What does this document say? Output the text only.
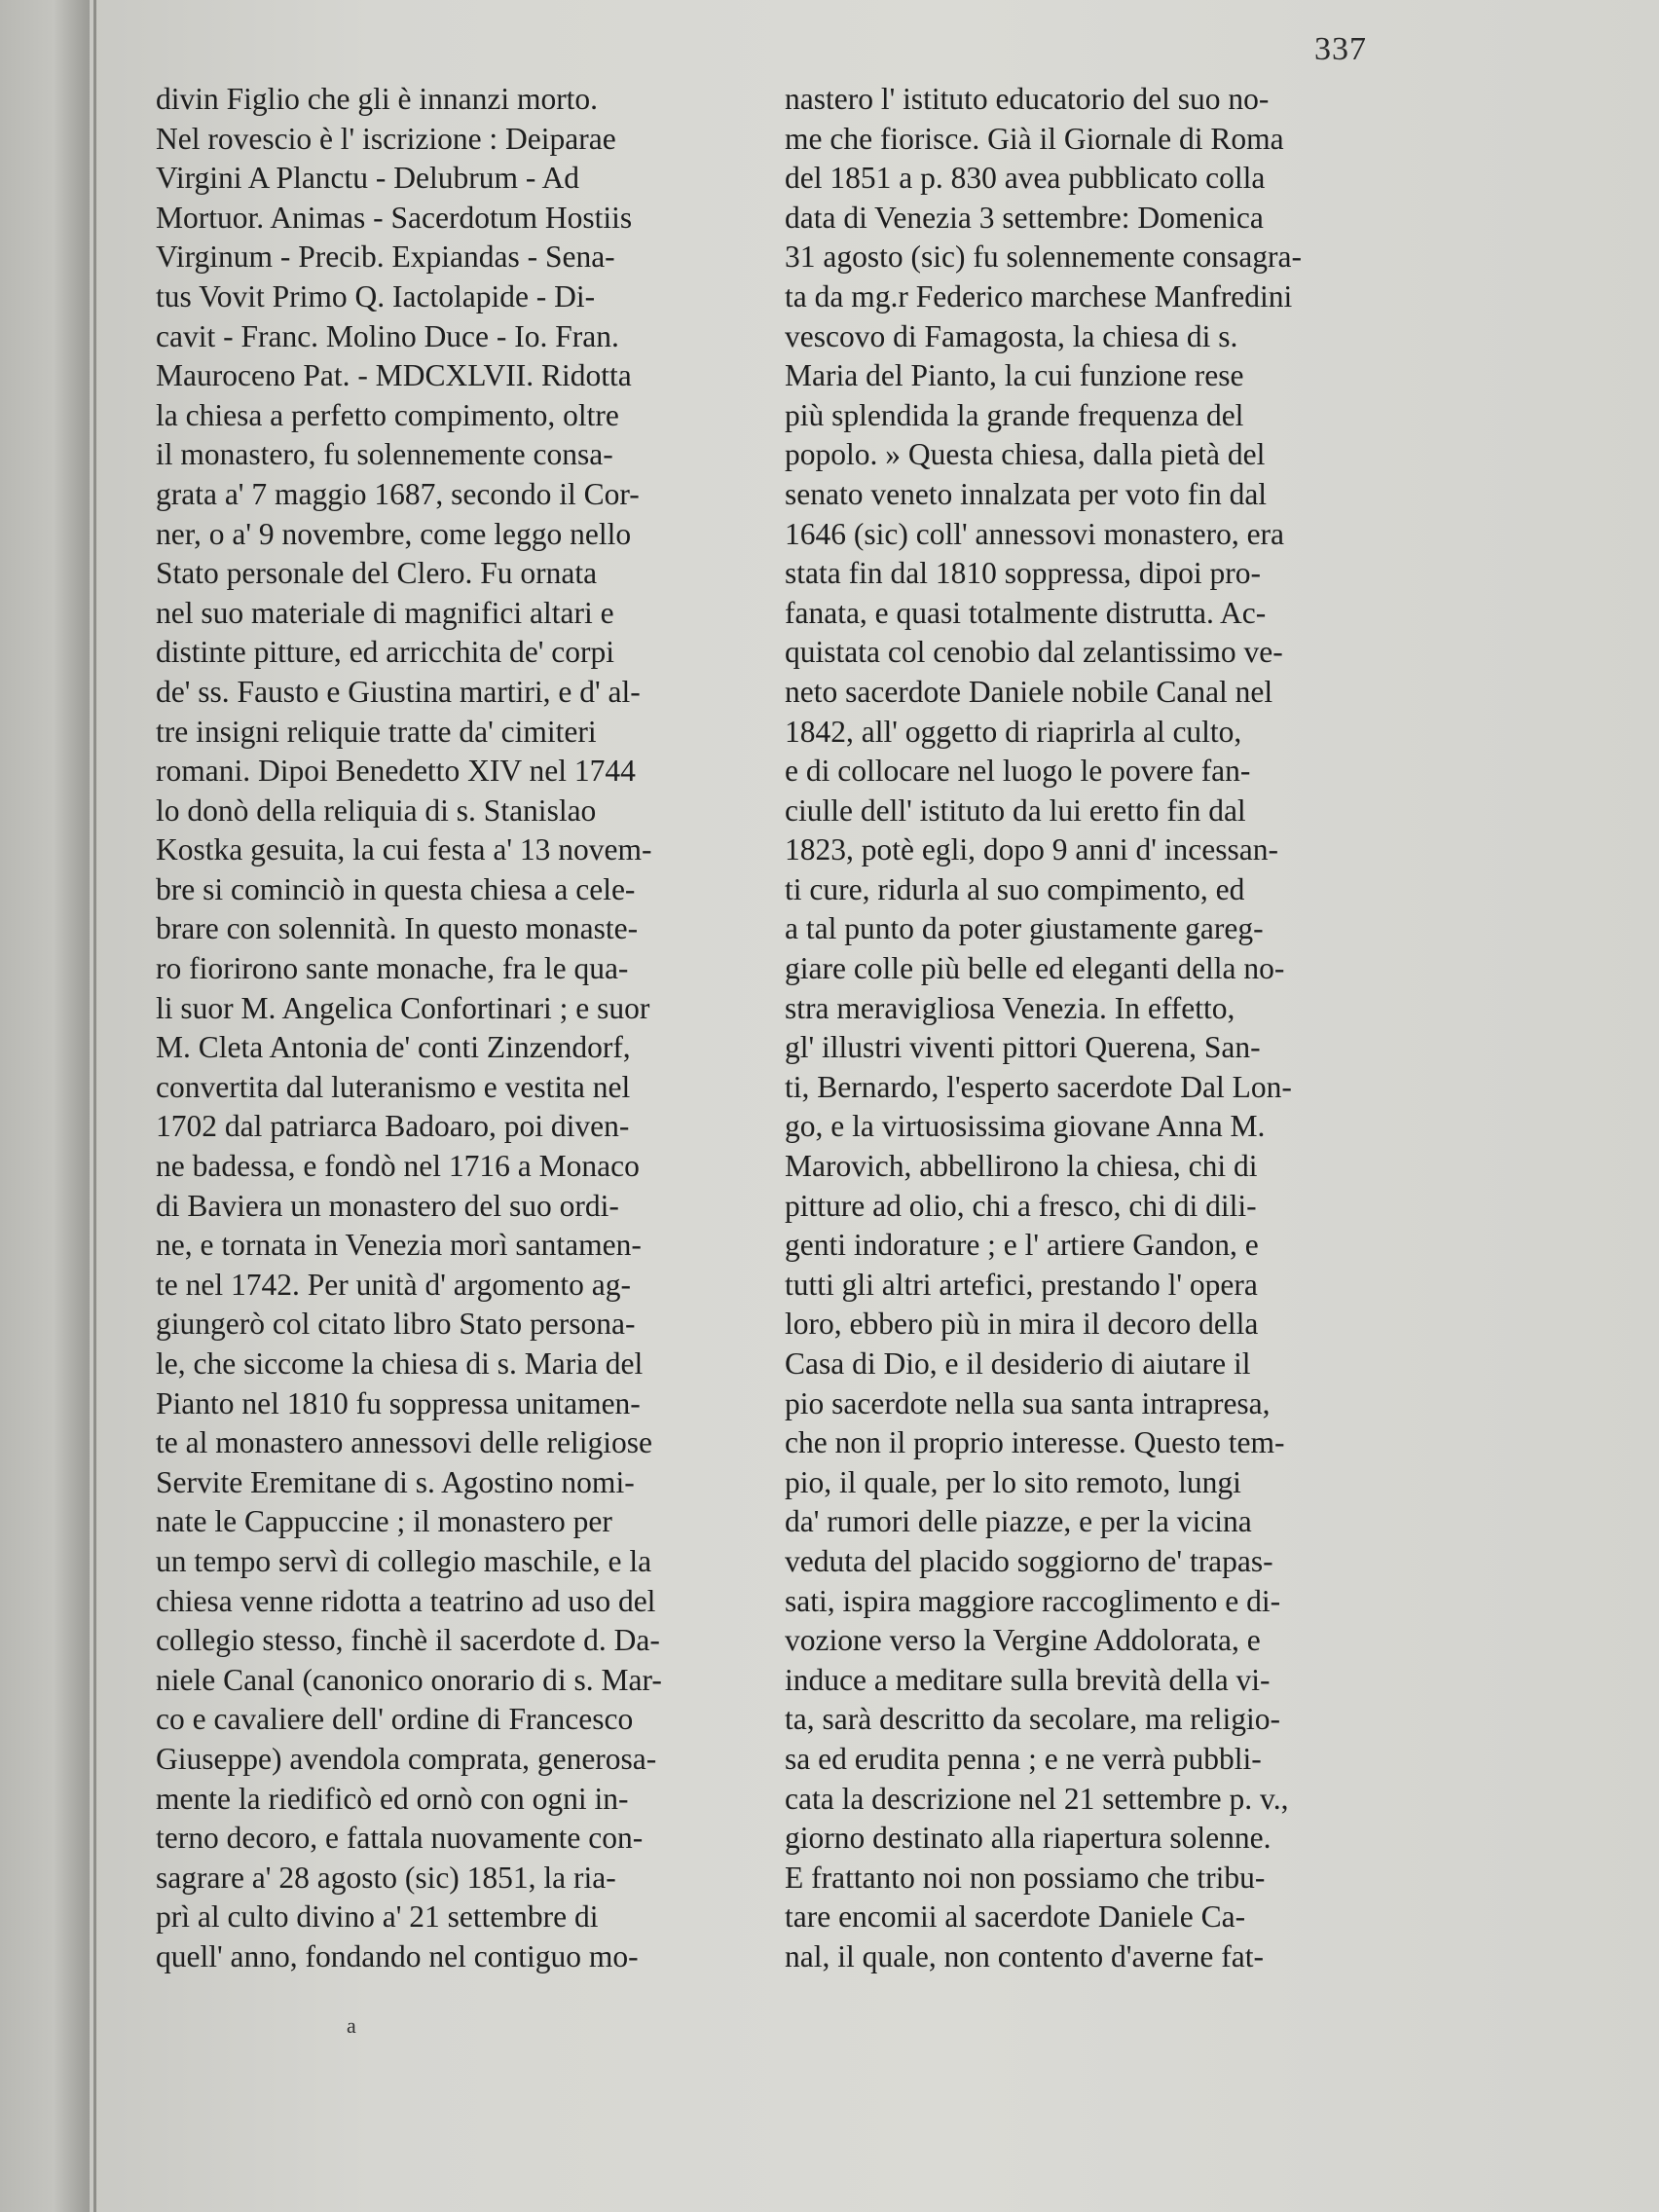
337

divin Figlio che gli è innanzi morto.

Nel rovescio è l' iscrizione : Deiparae

Virgini A Planctu - Delubrum - Ad

Mortuor. Animas - Sacerdotum Hostiis

Virginum - Precib. Expiandas - Sena-

tus Vovit Primo Q. Iactolapide - Di-

cavit - Franc. Molino Duce - Io. Fran.

Mauroceno Pat. - MDCXLVII. Ridotta

la chiesa a perfetto compimento, oltre

il monastero, fu solennemente consa-

grata a' 7 maggio 1687, secondo il Cor-

ner, o a' 9 novembre, come leggo nello

Stato personale del Clero. Fu ornata

nel suo materiale di magnifici altari e

distinte pitture, ed arricchita de' corpi

de' ss. Fausto e Giustina martiri, e d' al-

tre insigni reliquie tratte da' cimiteri

romani. Dipoi Benedetto XIV nel 1744

lo donò della reliquia di s. Stanislao

Kostka gesuita, la cui festa a' 13 novem-

bre si cominciò in questa chiesa a cele-

brare con solennità. In questo monaste-

ro fiorirono sante monache, fra le qua-

li suor M. Angelica Confortinari ; e suor

M. Cleta Antonia de' conti Zinzendorf,

convertita dal luteranismo e vestita nel

1702 dal patriarca Badoaro, poi diven-

ne badessa, e fondò nel 1716 a Monaco

di Baviera un monastero del suo ordi-

ne, e tornata in Venezia morì santamen-

te nel 1742. Per unità d' argomento ag-

giungerò col citato libro Stato persona-

le, che siccome la chiesa di s. Maria del

Pianto nel 1810 fu soppressa unitamen-

te al monastero annessovi delle religiose

Servite Eremitane di s. Agostino nomi-

nate le Cappuccine ; il monastero per

un tempo servì di collegio maschile, e la

chiesa venne ridotta a teatrino ad uso del

collegio stesso, finchè il sacerdote d. Da-

niele Canal (canonico onorario di s. Mar-

co e cavaliere dell' ordine di Francesco

Giuseppe) avendola comprata, generosa-

mente la riedificò ed ornò con ogni in-

terno decoro, e fattala nuovamente con-

sagrare a' 28 agosto (sic) 1851, la ria-

prì al culto divino a' 21 settembre di

quell' anno, fondando nel contiguo mo-

nastero l' istituto educatorio del suo no-

me che fiorisce. Già il Giornale di Roma

del 1851 a p. 830 avea pubblicato colla

data di Venezia 3 settembre: Domenica

31 agosto (sic) fu solennemente consagra-

ta da mg.r Federico marchese Manfredini

vescovo di Famagosta, la chiesa di s.

Maria del Pianto, la cui funzione rese

più splendida la grande frequenza del

popolo. » Questa chiesa, dalla pietà del

senato veneto innalzata per voto fin dal

1646 (sic) coll' annessovi monastero, era

stata fin dal 1810 soppressa, dipoi pro-

fanata, e quasi totalmente distrutta. Ac-

quistata col cenobio dal zelantissimo ve-

neto sacerdote Daniele nobile Canal nel

1842, all' oggetto di riaprirla al culto,

e di collocare nel luogo le povere fan-

ciulle dell' istituto da lui eretto fin dal

1823, potè egli, dopo 9 anni d' incessan-

ti cure, ridurla al suo compimento, ed

a tal punto da poter giustamente gareg-

giare colle più belle ed eleganti della no-

stra meravigliosa Venezia. In effetto,

gl' illustri viventi pittori Querena, San-

ti, Bernardo, l'esperto sacerdote Dal Lon-

go, e la virtuosissima giovane Anna M.

Marovich, abbellirono la chiesa, chi di

pitture ad olio, chi a fresco, chi di dili-

genti indorature ; e l' artiere Gandon, e

tutti gli altri artefici, prestando l' opera

loro, ebbero più in mira il decoro della

Casa di Dio, e il desiderio di aiutare il

pio sacerdote nella sua santa intrapresa,

che non il proprio interesse. Questo tem-

pio, il quale, per lo sito remoto, lungi

da' rumori delle piazze, e per la vicina

veduta del placido soggiorno de' trapas-

sati, ispira maggiore raccoglimento e di-

vozione verso la Vergine Addolorata, e

induce a meditare sulla brevità della vi-

ta, sarà descritto da secolare, ma religio-

sa ed erudita penna ; e ne verrà pubbli-

cata la descrizione nel 21 settembre p. v.,

giorno destinato alla riapertura solenne.

E frattanto noi non possiamo che tribu-

tare encomii al sacerdote Daniele Ca-

nal, il quale, non contento d'averne fat-

a
